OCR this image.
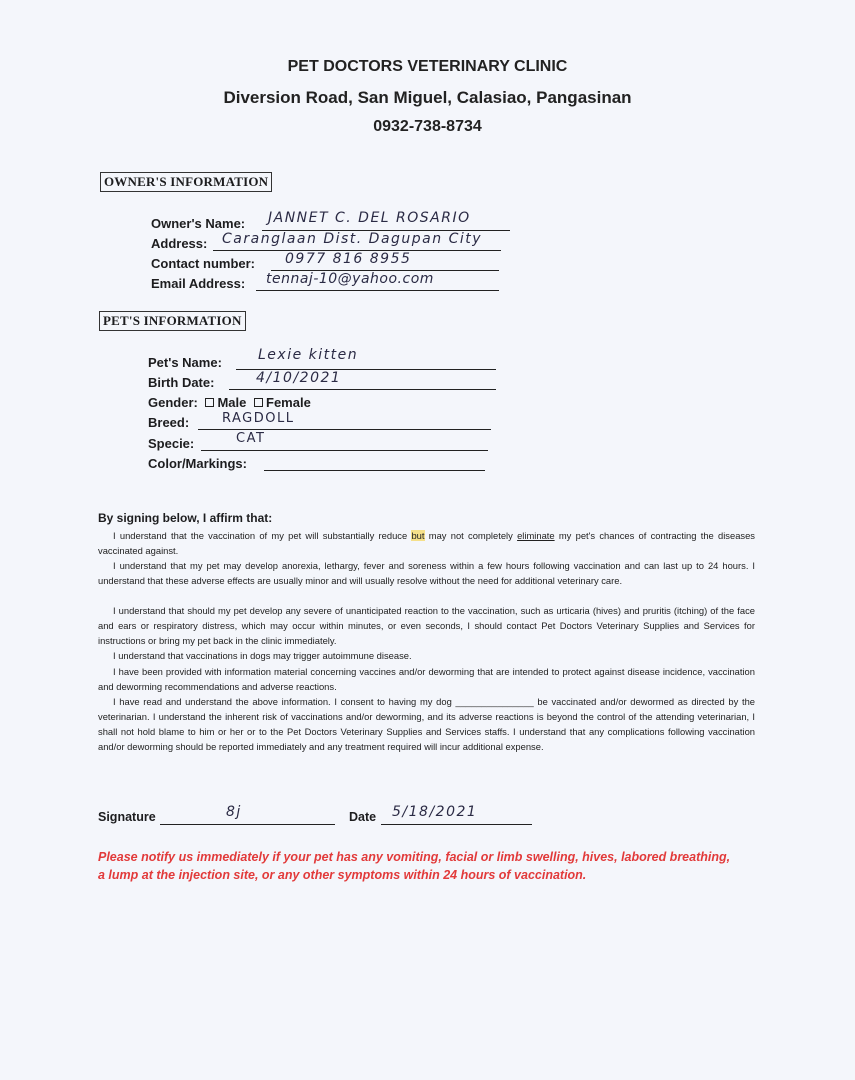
PET DOCTORS VETERINARY CLINIC
Diversion Road, San Miguel, Calasiao, Pangasinan
0932-738-8734
OWNER'S INFORMATION
Owner's Name: JANNET C. DEL ROSARIO
Address: Caranglaan Dist. Dagupan City
Contact number: 0977 816 8955
Email Address: tennaj-10@yahoo.com
PET'S INFORMATION
Pet's Name:	Lexie kitten
Birth Date:	4/10/2021
Gender: Male Female
Breed:	RAGDOLL
Specie:	CAT
Color/Markings:
By signing below, I affirm that:
I understand that the vaccination of my pet will substantially reduce but may not completely eliminate my pet's chances of contracting the diseases vaccinated against.
I understand that my pet may develop anorexia, lethargy, fever and soreness within a few hours following vaccination and can last up to 24 hours. I understand that these adverse effects are usually minor and will usually resolve without the need for additional veterinary care.
I understand that should my pet develop any severe of unanticipated reaction to the vaccination, such as urticaria (hives) and pruritis (itching) of the face and ears or respiratory distress, which may occur within minutes, or even seconds, I should contact Pet Doctors Veterinary Supplies and Services for instructions or bring my pet back in the clinic immediately.
I understand that vaccinations in dogs may trigger autoimmune disease.
I have been provided with information material concerning vaccines and/or deworming that are intended to protect against disease incidence, vaccination and deworming recommendations and adverse reactions.
I have read and understand the above information. I consent to having my dog _______________ be vaccinated and/or dewormed as directed by the veterinarian. I understand the inherent risk of vaccinations and/or deworming, and its adverse reactions is beyond the control of the attending veterinarian, I shall not hold blame to him or her or to the Pet Doctors Veterinary Supplies and Services staffs. I understand that any complications following vaccination and/or deworming should be reported immediately and any treatment required will incur additional expense.
Signature	8j	Date 5/18/2021
Please notify us immediately if your pet has any vomiting, facial or limb swelling, hives, labored breathing, a lump at the injection site, or any other symptoms within 24 hours of vaccination.
